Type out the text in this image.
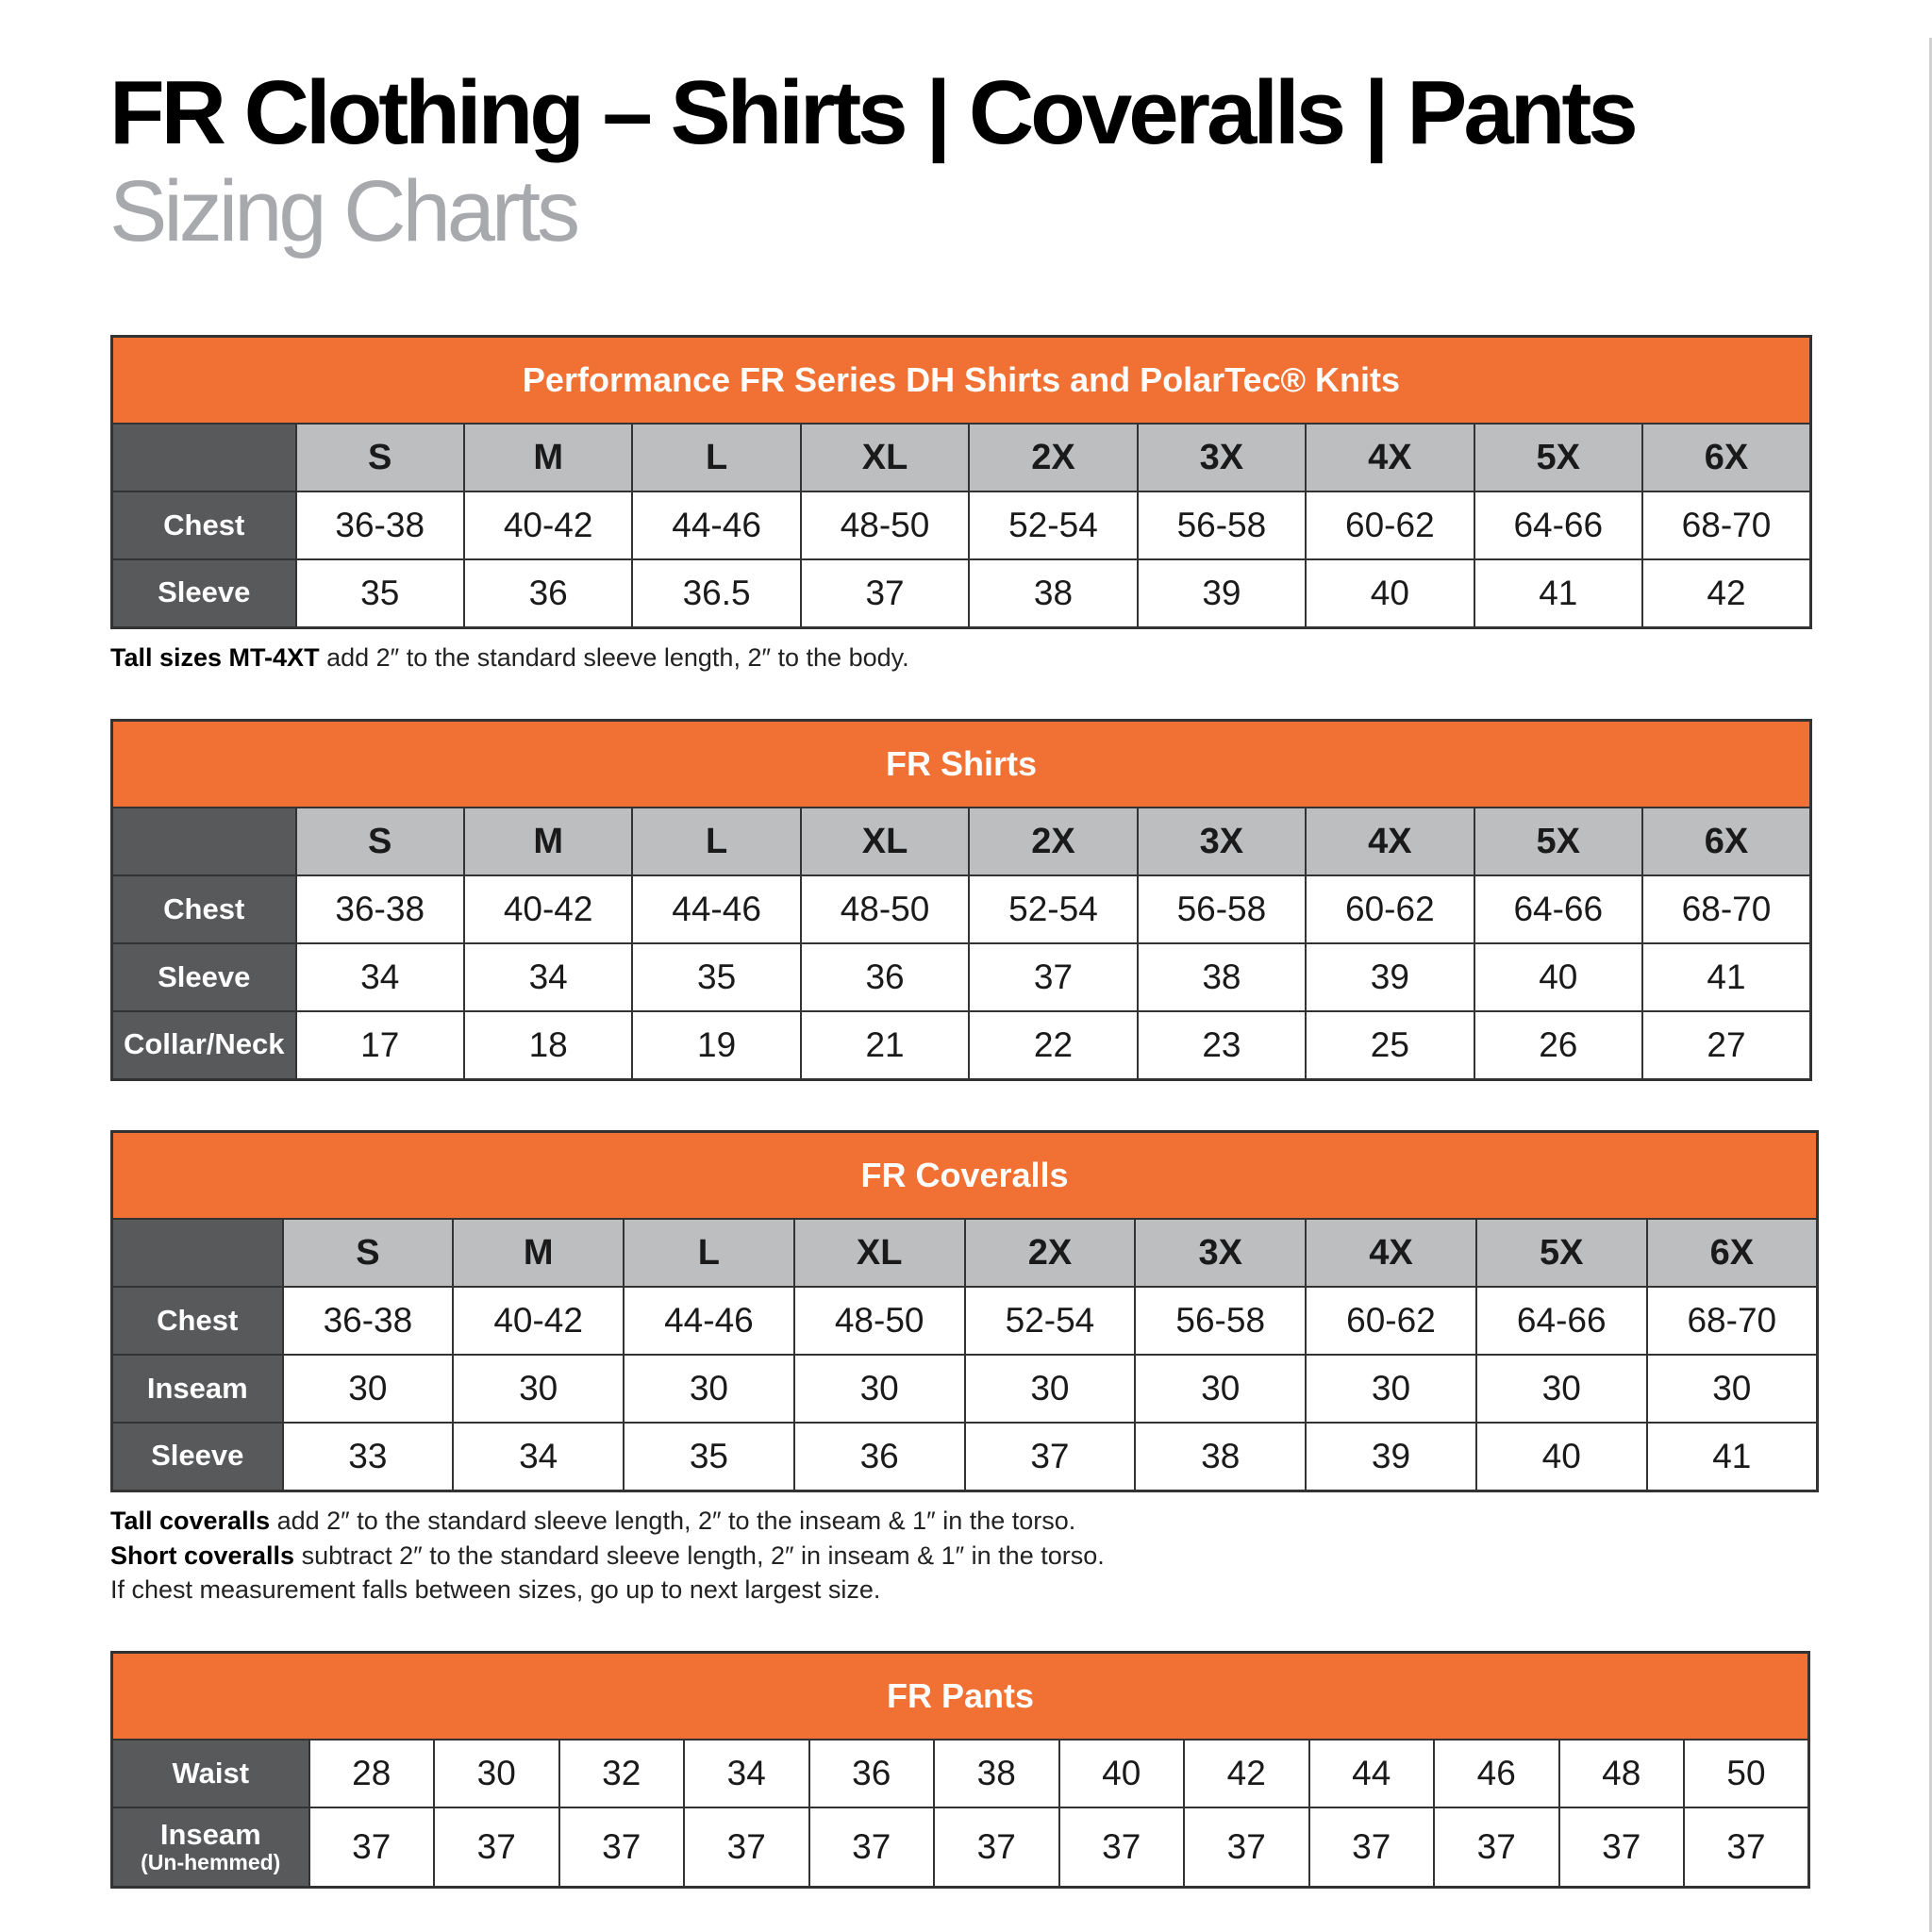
FR Clothing – Shirts | Coveralls | Pants
Sizing Charts
Performance FR Series DH Shirts and PolarTec® Knits									
	S	M	L	XL	2X	3X	4X	5X	6X
Chest	36-38	40-42	44-46	48-50	52-54	56-58	60-62	64-66	68-70
Sleeve	35	36	36.5	37	38	39	40	41	42
Tall sizes MT-4XT add 2″ to the standard sleeve length, 2″ to the body.
FR Shirts									
	S	M	L	XL	2X	3X	4X	5X	6X
Chest	36-38	40-42	44-46	48-50	52-54	56-58	60-62	64-66	68-70
Sleeve	34	34	35	36	37	38	39	40	41
Collar/Neck	17	18	19	21	22	23	25	26	27
FR Coveralls									
	S	M	L	XL	2X	3X	4X	5X	6X
Chest	36-38	40-42	44-46	48-50	52-54	56-58	60-62	64-66	68-70
Inseam	30	30	30	30	30	30	30	30	30
Sleeve	33	34	35	36	37	38	39	40	41
Tall coveralls add 2″ to the standard sleeve length, 2″ to the inseam & 1″ in the torso.
Short coveralls subtract 2″ to the standard sleeve length, 2″ in inseam & 1″ in the torso.
If chest measurement falls between sizes, go up to next largest size.
FR Pants												
Waist	28	30	32	34	36	38	40	42	44	46	48	50
Inseam
(Un-hemmed)	37	37	37	37	37	37	37	37	37	37	37	37
